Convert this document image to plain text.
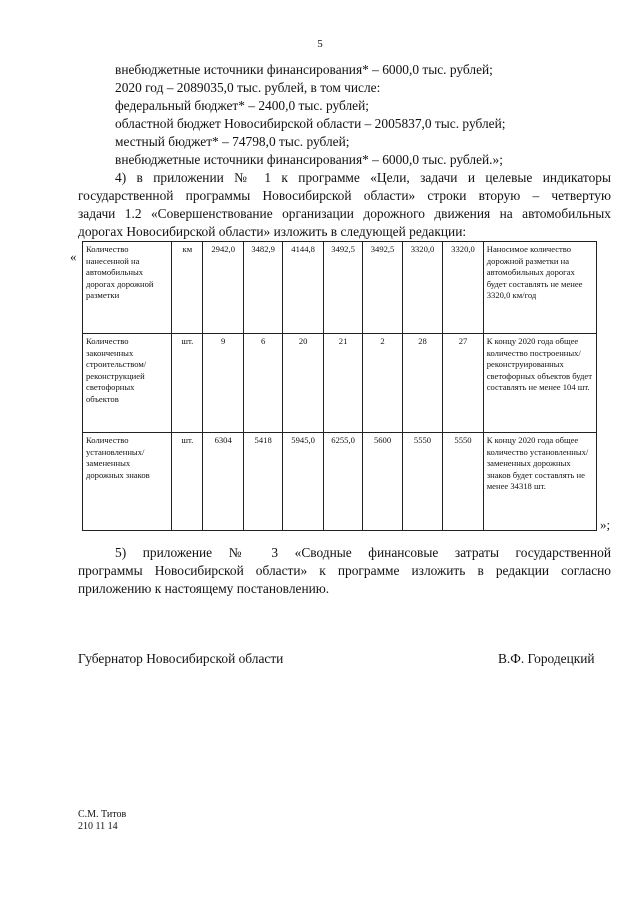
5
внебюджетные источники финансирования* – 6000,0 тыс. рублей;
2020 год – 2089035,0 тыс. рублей, в том числе:
федеральный бюджет* – 2400,0 тыс. рублей;
областной бюджет Новосибирской области – 2005837,0 тыс. рублей;
местный бюджет* – 74798,0 тыс. рублей;
внебюджетные источники финансирования* – 6000,0 тыс. рублей.»;
4) в приложении № 1 к программе «Цели, задачи и целевые индикаторы
государственной программы Новосибирской области» строки вторую – четвертую
задачи 1.2 «Совершенствование организации дорожного движения на автомобильных
дорогах Новосибирской области» изложить в следующей редакции:
« Количество нанесенной на автомобильных дорогах дорожной разметки	км	2942,0	3482,9	4144,8	3492,5	3492,5	3320,0	3320,0	Наносимое количество дорожной разметки на автомобильных дорогах будет составлять не менее 3320,0 км/год
Количество законченных строительством/ реконструкцией светофорных объектов	шт.	9	6	20	21	2	28	27	К концу 2020 года общее количество построенных/ реконструированных светофорных объектов будет составлять не менее 104 шт.
Количество установленных/ замененных дорожных знаков	шт.	6304	5418	5945,0	6255,0	5600	5550	5550	К концу 2020 года общее количество установленных/ замененных дорожных знаков будет составлять не менее 34318 шт.
»;
5) приложение № 3 «Сводные финансовые затраты государственной
программы Новосибирской области» к программе изложить в редакции согласно
приложению к настоящему постановлению.
Губернатор Новосибирской области	В.Ф. Городецкий
С.М. Титов
210 11 14
